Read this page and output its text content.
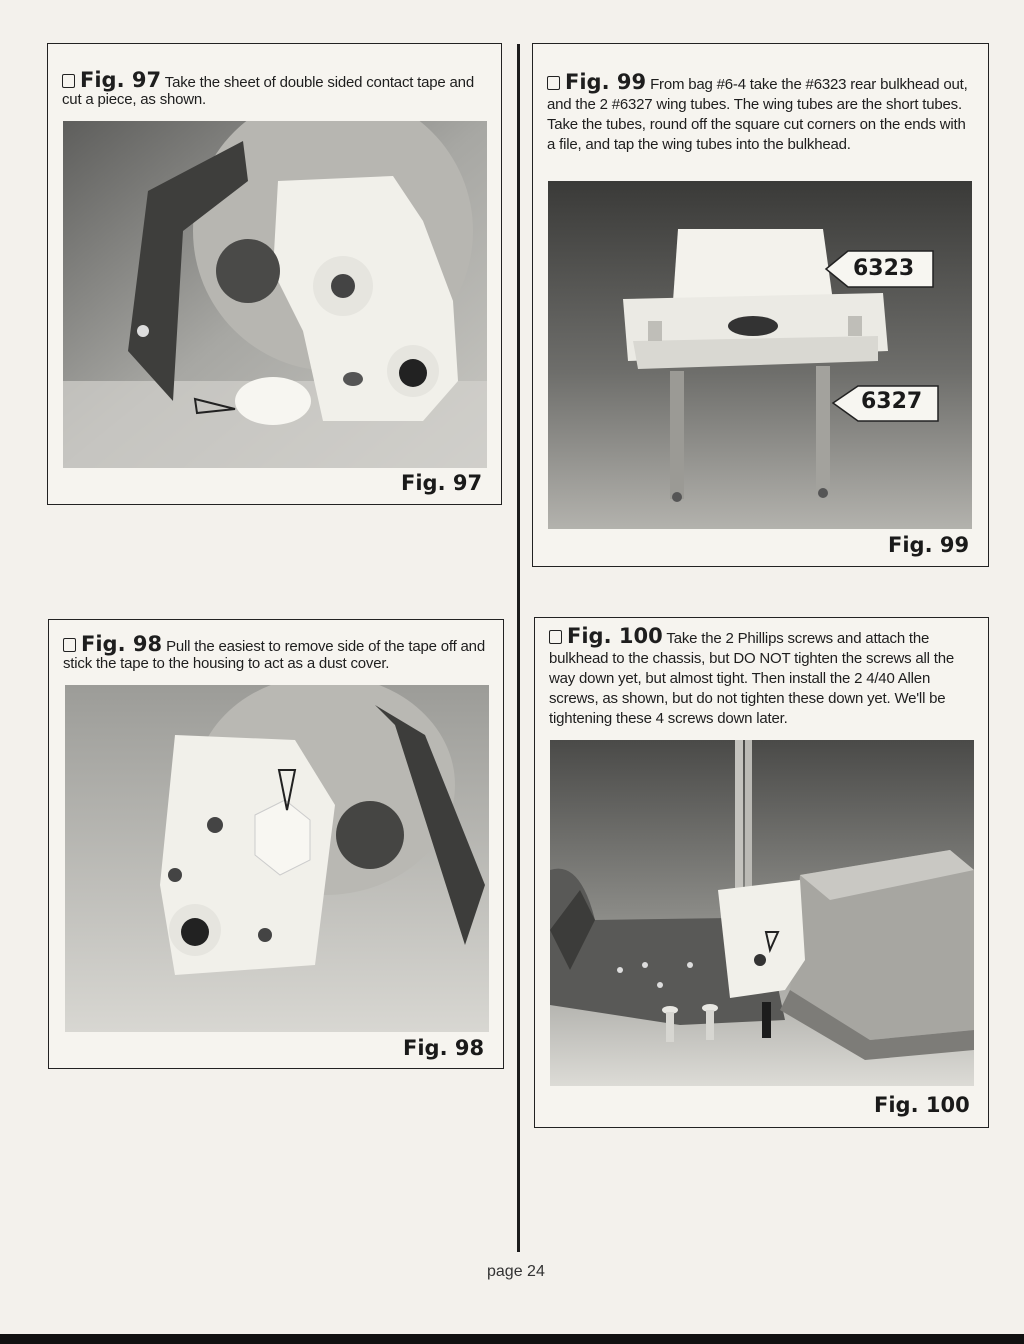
Fig. 97 Take the sheet of double sided contact tape and cut a piece, as shown.
Fig. 97
Fig. 98 Pull the easiest to remove side of the tape off and stick the tape to the housing to act as a dust cover.
Fig. 98
Fig. 99 From bag #6-4 take the #6323 rear bulkhead out, and the 2 #6327 wing tubes. The wing tubes are the short tubes. Take the tubes, round off the square cut corners on the ends with a file, and tap the wing tubes into the bulkhead.
6323
6327
Fig. 99
Fig. 100 Take the 2 Phillips screws and attach the bulkhead to the chassis, but DO NOT tighten the screws all the way down yet, but almost tight. Then install the 2 4/40 Allen screws, as shown, but do not tighten these down yet. We'll be tightening these 4 screws down later.
Fig. 100
page 24
